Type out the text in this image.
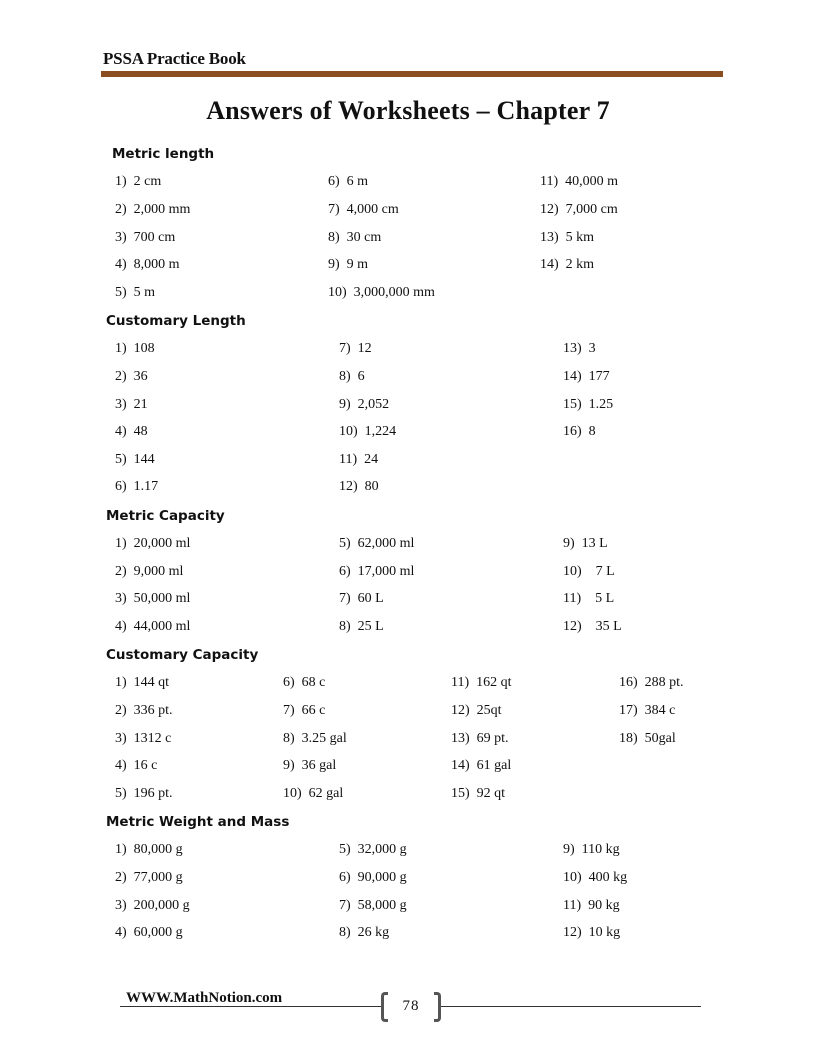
PSSA Practice Book
Answers of Worksheets – Chapter 7
Metric length
1)  2 cm
2)  2,000 mm
3)  700 cm
4)  8,000 m
5)  5 m
6)  6 m
7)  4,000 cm
8)  30 cm
9)  9 m
10)  3,000,000 mm
11)  40,000 m
12)  7,000 cm
13)  5 km
14)  2 km
Customary Length
1)  108
2)  36
3)  21
4)  48
5)  144
6)  1.17
7)  12
8)  6
9)  2,052
10)  1,224
11)  24
12)  80
13)  3
14)  177
15)  1.25
16)  8
Metric Capacity
1)  20,000 ml
2)  9,000 ml
3)  50,000 ml
4)  44,000 ml
5)  62,000 ml
6)  17,000 ml
7)  60 L
8)  25 L
9)  13 L
10)    7 L
11)    5 L
12)    35 L
Customary Capacity
1)  144 qt
2)  336 pt.
3)  1312 c
4)  16 c
5)  196 pt.
6)  68 c
7)  66 c
8)  3.25 gal
9)  36 gal
10)  62 gal
11)  162 qt
12)  25qt
13)  69 pt.
14)  61 gal
15)  92 qt
16)  288 pt.
17)  384 c
18)  50gal
Metric Weight and Mass
1)  80,000 g
2)  77,000 g
3)  200,000 g
4)  60,000 g
5)  32,000 g
6)  90,000 g
7)  58,000 g
8)  26 kg
9)  110 kg
10)  400 kg
11)  90 kg
12)  10 kg
WWW.MathNotion.com	78
